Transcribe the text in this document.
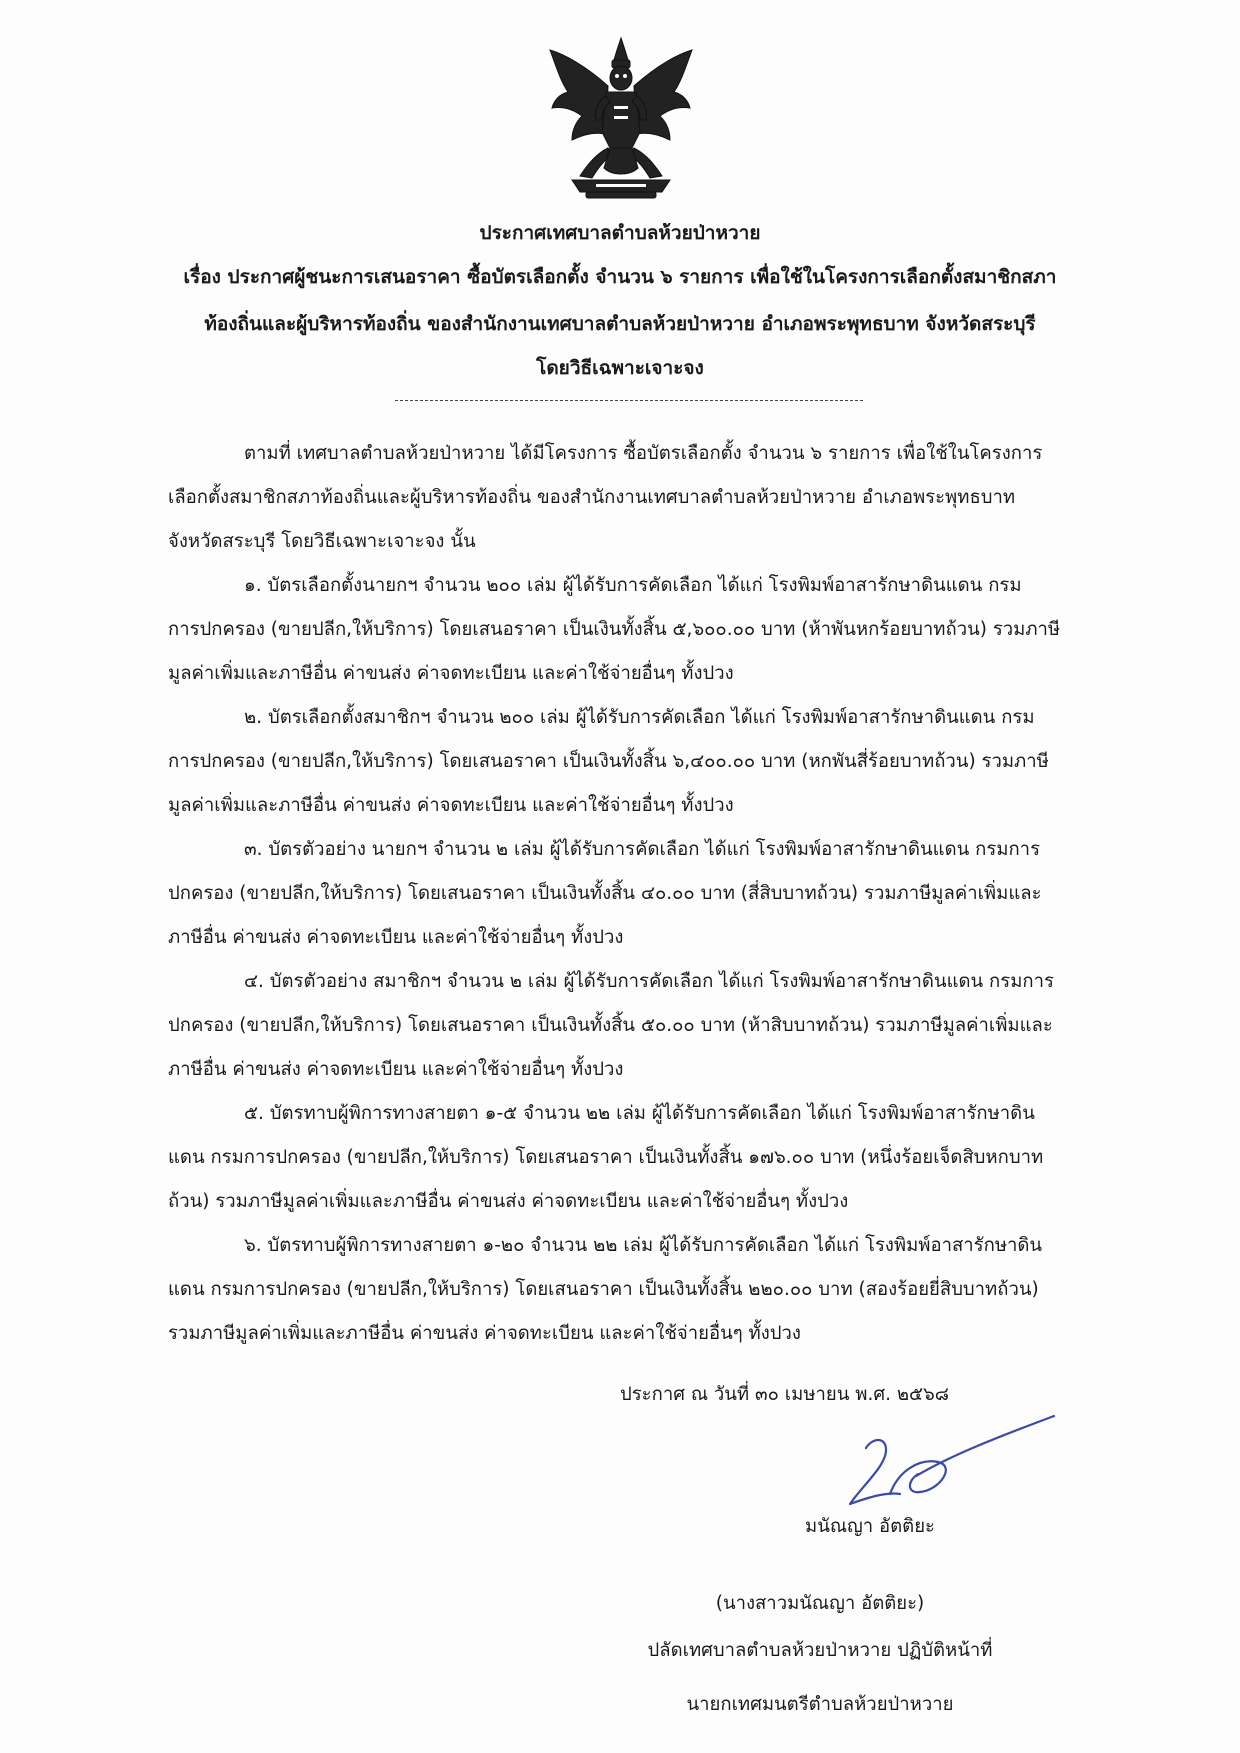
ประกาศเทศบาลตำบลห้วยป่าหวาย
เรื่อง ประกาศผู้ชนะการเสนอราคา ซื้อบัตรเลือกตั้ง จำนวน ๖ รายการ เพื่อใช้ในโครงการเลือกตั้งสมาชิกสภา
ท้องถิ่นและผู้บริหารท้องถิ่น ของสำนักงานเทศบาลตำบลห้วยป่าหวาย อำเภอพระพุทธบาท จังหวัดสระบุรี
โดยวิธีเฉพาะเจาะจง

ตามที่ เทศบาลตำบลห้วยป่าหวาย ได้มีโครงการ ซื้อบัตรเลือกตั้ง จำนวน ๖ รายการ เพื่อใช้ในโครงการ
เลือกตั้งสมาชิกสภาท้องถิ่นและผู้บริหารท้องถิ่น ของสำนักงานเทศบาลตำบลห้วยป่าหวาย อำเภอพระพุทธบาท
จังหวัดสระบุรี โดยวิธีเฉพาะเจาะจง นั้น

๑. บัตรเลือกตั้งนายกฯ จำนวน ๒๐๐ เล่ม ผู้ได้รับการคัดเลือก ได้แก่ โรงพิมพ์อาสารักษาดินแดน กรม
การปกครอง (ขายปลีก,ให้บริการ) โดยเสนอราคา เป็นเงินทั้งสิ้น ๕,๖๐๐.๐๐ บาท (ห้าพันหกร้อยบาทถ้วน) รวมภาษี
มูลค่าเพิ่มและภาษีอื่น ค่าขนส่ง ค่าจดทะเบียน และค่าใช้จ่ายอื่นๆ ทั้งปวง

๒. บัตรเลือกตั้งสมาชิกฯ จำนวน ๒๐๐ เล่ม ผู้ได้รับการคัดเลือก ได้แก่ โรงพิมพ์อาสารักษาดินแดน กรม
การปกครอง (ขายปลีก,ให้บริการ) โดยเสนอราคา เป็นเงินทั้งสิ้น ๖,๔๐๐.๐๐ บาท (หกพันสี่ร้อยบาทถ้วน) รวมภาษี
มูลค่าเพิ่มและภาษีอื่น ค่าขนส่ง ค่าจดทะเบียน และค่าใช้จ่ายอื่นๆ ทั้งปวง

๓. บัตรตัวอย่าง นายกฯ จำนวน ๒ เล่ม ผู้ได้รับการคัดเลือก ได้แก่ โรงพิมพ์อาสารักษาดินแดน กรมการ
ปกครอง (ขายปลีก,ให้บริการ) โดยเสนอราคา เป็นเงินทั้งสิ้น ๔๐.๐๐ บาท (สี่สิบบาทถ้วน) รวมภาษีมูลค่าเพิ่มและ
ภาษีอื่น ค่าขนส่ง ค่าจดทะเบียน และค่าใช้จ่ายอื่นๆ ทั้งปวง

๔. บัตรตัวอย่าง สมาชิกฯ จำนวน ๒ เล่ม ผู้ได้รับการคัดเลือก ได้แก่ โรงพิมพ์อาสารักษาดินแดน กรมการ
ปกครอง (ขายปลีก,ให้บริการ) โดยเสนอราคา เป็นเงินทั้งสิ้น ๕๐.๐๐ บาท (ห้าสิบบาทถ้วน) รวมภาษีมูลค่าเพิ่มและ
ภาษีอื่น ค่าขนส่ง ค่าจดทะเบียน และค่าใช้จ่ายอื่นๆ ทั้งปวง

๕. บัตรทาบผู้พิการทางสายตา ๑-๕ จำนวน ๒๒ เล่ม ผู้ได้รับการคัดเลือก ได้แก่ โรงพิมพ์อาสารักษาดิน
แดน กรมการปกครอง (ขายปลีก,ให้บริการ) โดยเสนอราคา เป็นเงินทั้งสิ้น ๑๗๖.๐๐ บาท (หนึ่งร้อยเจ็ดสิบหกบาท
ถ้วน) รวมภาษีมูลค่าเพิ่มและภาษีอื่น ค่าขนส่ง ค่าจดทะเบียน และค่าใช้จ่ายอื่นๆ ทั้งปวง

๖. บัตรทาบผู้พิการทางสายตา ๑-๒๐ จำนวน ๒๒ เล่ม ผู้ได้รับการคัดเลือก ได้แก่ โรงพิมพ์อาสารักษาดิน
แดน กรมการปกครอง (ขายปลีก,ให้บริการ) โดยเสนอราคา เป็นเงินทั้งสิ้น ๒๒๐.๐๐ บาท (สองร้อยยี่สิบบาทถ้วน)
รวมภาษีมูลค่าเพิ่มและภาษีอื่น ค่าขนส่ง ค่าจดทะเบียน และค่าใช้จ่ายอื่นๆ ทั้งปวง

ประกาศ ณ วันที่ ๓๐ เมษายน พ.ศ. ๒๕๖๘
มนัณญา อัตติยะ
(นางสาวมนัณญา อัตติยะ)
ปลัดเทศบาลตำบลห้วยป่าหวาย ปฏิบัติหน้าที่
นายกเทศมนตรีตำบลห้วยป่าหวาย
